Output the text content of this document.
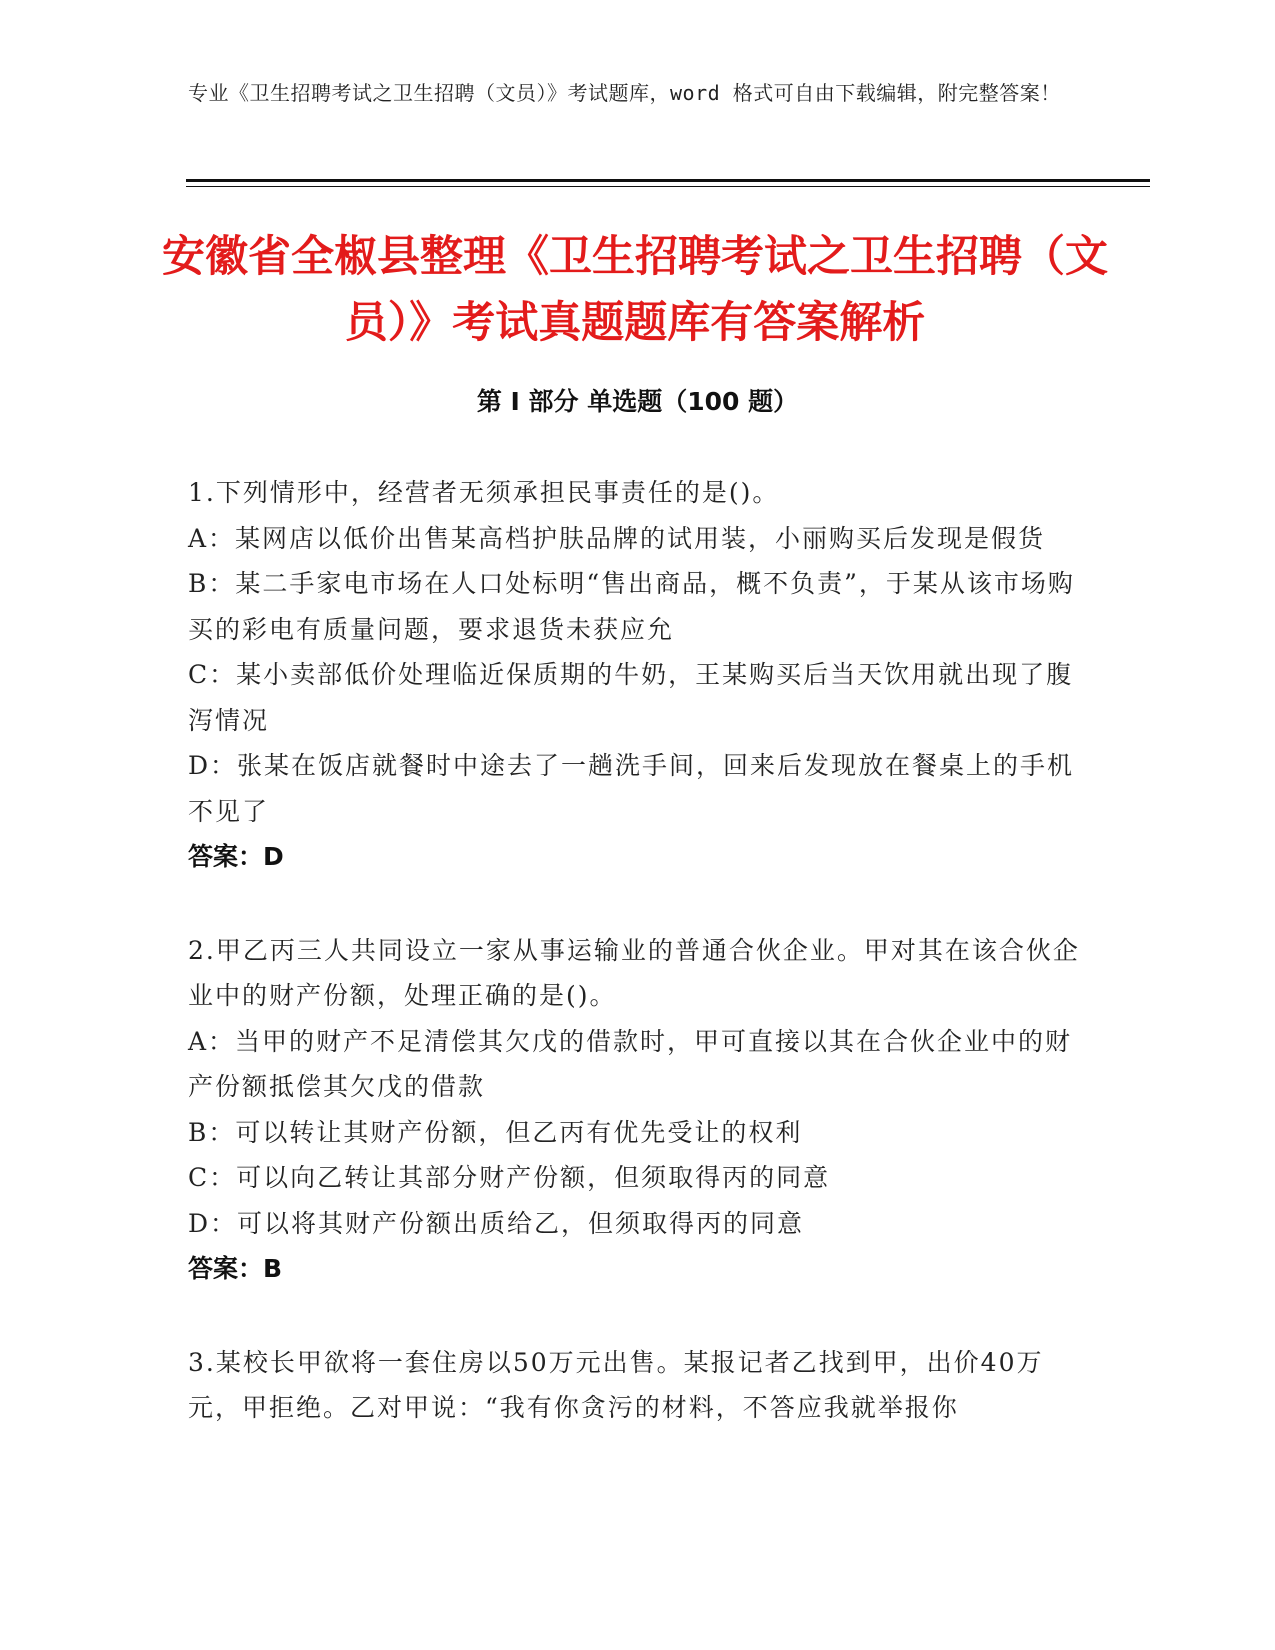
专业《卫生招聘考试之卫生招聘（文员）》考试题库，word 格式可自由下载编辑，附完整答案！
安徽省全椒县整理《卫生招聘考试之卫生招聘（文员）》考试真题题库有答案解析
第 I 部分 单选题（100 题）
1.下列情形中，经营者无须承担民事责任的是()。
A：某网店以低价出售某高档护肤品牌的试用装，小丽购买后发现是假货
B：某二手家电市场在人口处标明“售出商品，概不负责”，于某从该市场购买的彩电有质量问题，要求退货未获应允
C：某小卖部低价处理临近保质期的牛奶，王某购买后当天饮用就出现了腹泻情况
D：张某在饭店就餐时中途去了一趟洗手间，回来后发现放在餐桌上的手机不见了
答案：D
2.甲乙丙三人共同设立一家从事运输业的普通合伙企业。甲对其在该合伙企业中的财产份额，处理正确的是()。
A：当甲的财产不足清偿其欠戊的借款时，甲可直接以其在合伙企业中的财产份额抵偿其欠戊的借款
B：可以转让其财产份额，但乙丙有优先受让的权利
C：可以向乙转让其部分财产份额，但须取得丙的同意
D：可以将其财产份额出质给乙，但须取得丙的同意
答案：B
3.某校长甲欲将一套住房以50万元出售。某报记者乙找到甲，出价40万元，甲拒绝。乙对甲说：“我有你贪污的材料，不答应我就举报你
